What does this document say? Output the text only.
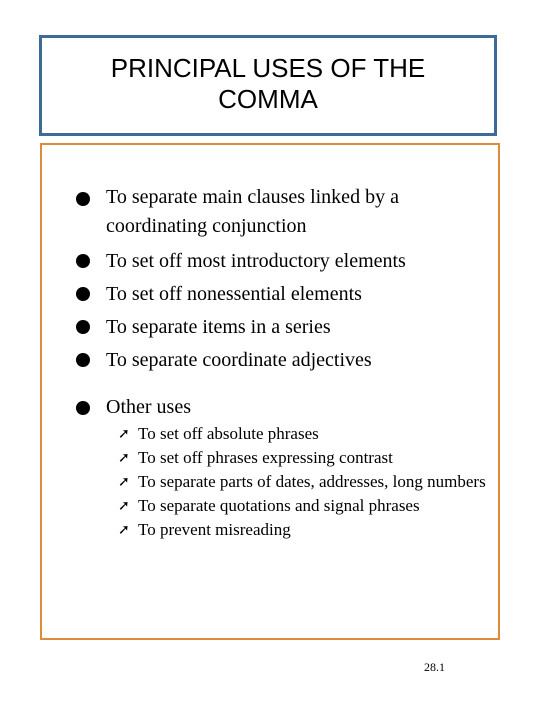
PRINCIPAL USES OF THE
COMMA
To separate main clauses linked by a coordinating conjunction
To set off most introductory elements
To set off nonessential elements
To separate items in a series
To separate coordinate adjectives
Other uses
➚ To set off absolute phrases
➚ To set off phrases expressing contrast
➚ To separate parts of dates, addresses, long numbers
➚ To separate quotations and signal phrases
➚ To prevent misreading
28.1
